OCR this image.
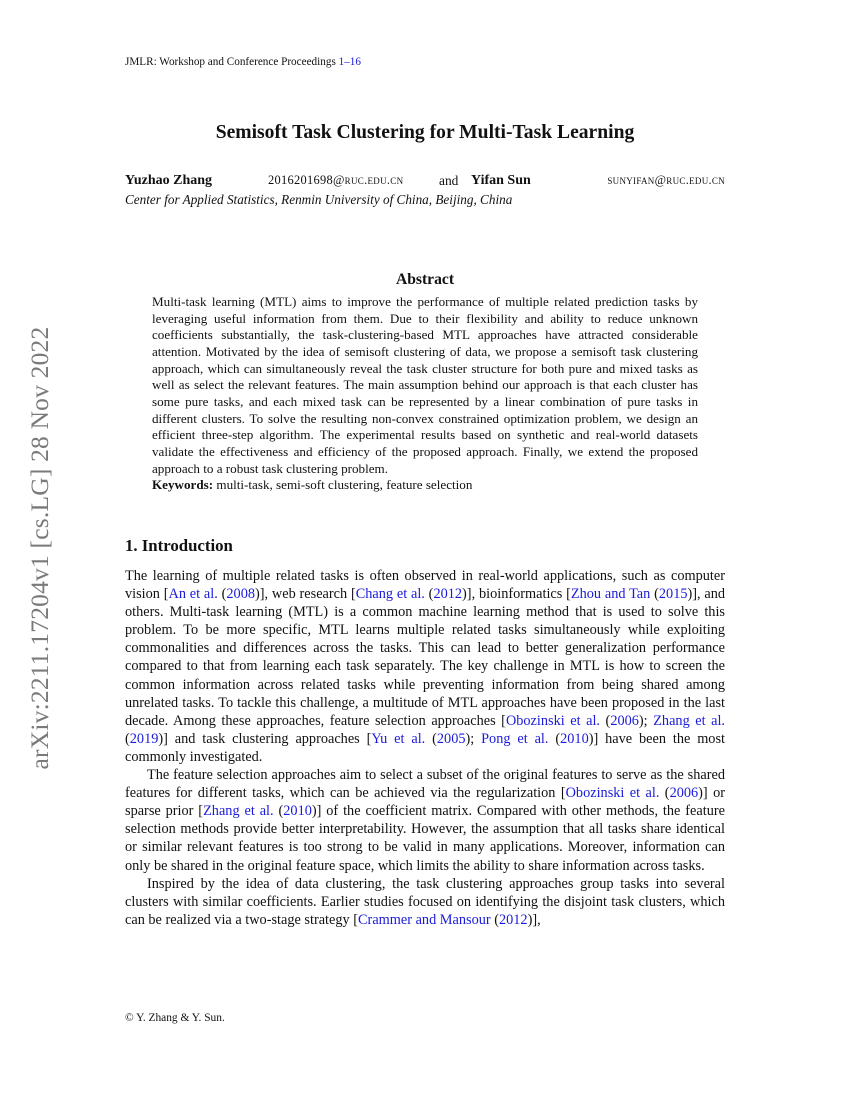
arXiv:2211.17204v1 [cs.LG] 28 Nov 2022
JMLR: Workshop and Conference Proceedings 1–16
Semisoft Task Clustering for Multi-Task Learning
Yuzhao Zhang	2016201698@ruc.edu.cn	and Yifan Sun	sunyifan@ruc.edu.cn
Center for Applied Statistics, Renmin University of China, Beijing, China
Abstract

Multi-task learning (MTL) aims to improve the performance of multiple related prediction tasks by leveraging useful information from them. Due to their flexibility and ability to reduce unknown coefficients substantially, the task-clustering-based MTL approaches have attracted considerable attention. Motivated by the idea of semisoft clustering of data, we propose a semisoft task clustering approach, which can simultaneously reveal the task cluster structure for both pure and mixed tasks as well as select the relevant features. The main assumption behind our approach is that each cluster has some pure tasks, and each mixed task can be represented by a linear combination of pure tasks in different clusters. To solve the resulting non-convex constrained optimization problem, we design an efficient three-step algorithm. The experimental results based on synthetic and real-world datasets validate the effectiveness and efficiency of the proposed approach. Finally, we extend the proposed approach to a robust task clustering problem.

Keywords: multi-task, semi-soft clustering, feature selection

1. Introduction

The learning of multiple related tasks is often observed in real-world applications, such as computer vision [An et al. (2008)], web research [Chang et al. (2012)], bioinformatics [Zhou and Tan (2015)], and others. Multi-task learning (MTL) is a common machine learning method that is used to solve this problem. To be more specific, MTL learns multiple related tasks simultaneously while exploiting commonalities and differences across the tasks. This can lead to better generalization performance compared to that from learning each task separately. The key challenge in MTL is how to screen the common information across related tasks while preventing information from being shared among unrelated tasks. To tackle this challenge, a multitude of MTL approaches have been proposed in the last decade. Among these approaches, feature selection approaches [Obozinski et al. (2006); Zhang et al. (2019)] and task clustering approaches [Yu et al. (2005); Pong et al. (2010)] have been the most commonly investigated.

The feature selection approaches aim to select a subset of the original features to serve as the shared features for different tasks, which can be achieved via the regularization [Obozinski et al. (2006)] or sparse prior [Zhang et al. (2010)] of the coefficient matrix. Compared with other methods, the feature selection methods provide better interpretability. However, the assumption that all tasks share identical or similar relevant features is too strong to be valid in many applications. Moreover, information can only be shared in the original feature space, which limits the ability to share information across tasks.

Inspired by the idea of data clustering, the task clustering approaches group tasks into several clusters with similar coefficients. Earlier studies focused on identifying the disjoint task clusters, which can be realized via a two-stage strategy [Crammer and Mansour (2012)],

© Y. Zhang & Y. Sun.
